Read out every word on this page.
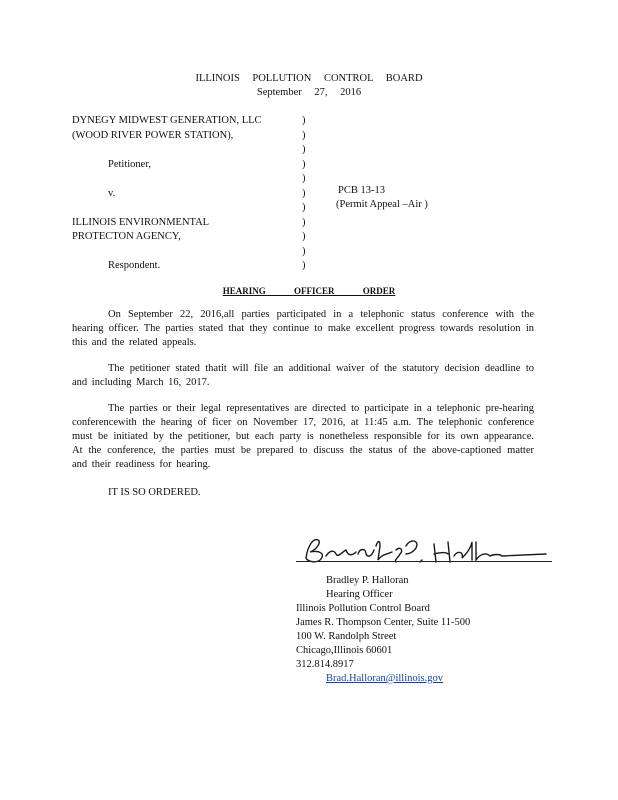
ILLINOIS POLLUTION CONTROL BOARD
September 27, 2016
DYNEGY MIDWEST GENERATION, LLC
(WOOD RIVER POWER STATION),
Petitioner,
v.
ILLINOIS ENVIRONMENTAL
PROTECTON AGENCY,
Respondent.
)
)
)
)
)
)
)
)
)
)
)
PCB 13-13
(Permit Appeal –Air )
HEARING OFFICER ORDER
On September 22, 2016,all parties participated in a telephonic status conference with the hearing officer. The parties stated that they continue to make excellent progress towards resolution in this and the related appeals.
The petitioner stated thatit will file an additional waiver of the statutory decision deadline to and including March 16, 2017.
The parties or their legal representatives are directed to participate in a telephonic pre-hearing conferencewith the hearing of ficer on November 17, 2016, at 11:45 a.m. The telephonic conference must be initiated by the petitioner, but each party is nonetheless responsible for its own appearance. At the conference, the parties must be prepared to discuss the status of the above-captioned matter and their readiness for hearing.
IT IS SO ORDERED.
Bradley P. Halloran
Hearing Officer
Illinois Pollution Control Board
James R. Thompson Center, Suite 11-500
100 W. Randolph Street
Chicago,Illinois 60601
312.814.8917
Brad.Halloran@illinois.gov
